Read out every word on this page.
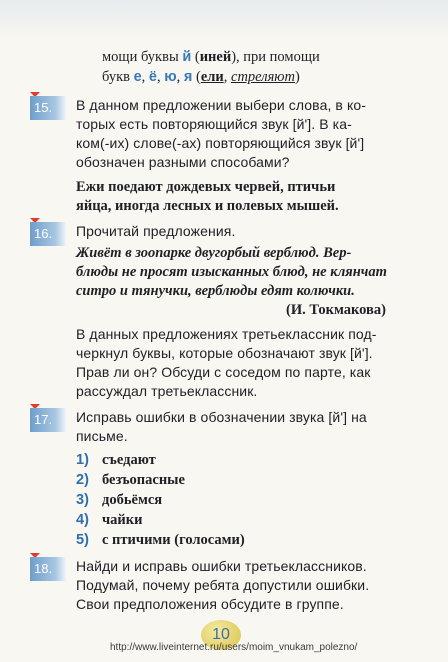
мощи буквы й (иней), при помощи
букв е, ё, ю, я (ели, стреляют)
15.	В данном предложении выбери слова, в ко-
торых есть повторяющийся звук [й']. В ка-
ком(-их) слове(-ах) повторяющийся звук [й']
обозначен разными способами?
Ежи поедают дождевых червей, птичьи
яйца, иногда лесных и полевых мышей.
16.	Прочитай предложения.
Живёт в зоопарке двугорбый верблюд. Вер-
блюды не просят изысканных блюд, не клянчат
ситро и тянучки, верблюды едят колючки.
(И. Токмакова)
В данных предложениях третьеклассник под-
черкнул буквы, которые обозначают звук [й'].
Прав ли он? Обсуди с соседом по парте, как
рассуждал третьеклассник.
17.	Исправь ошибки в обозначении звука [й'] на
письме.
1) съедают
2) безъопасные
3) добьёмся
4) чайки
5) с птичими (голосами)
18.	Найди и исправь ошибки третьеклассников.
Подумай, почему ребята допустили ошибки.
Свои предположения обсудите в группе.
10
http://www.liveinternet.ru/users/moim_vnukam_polezno/
